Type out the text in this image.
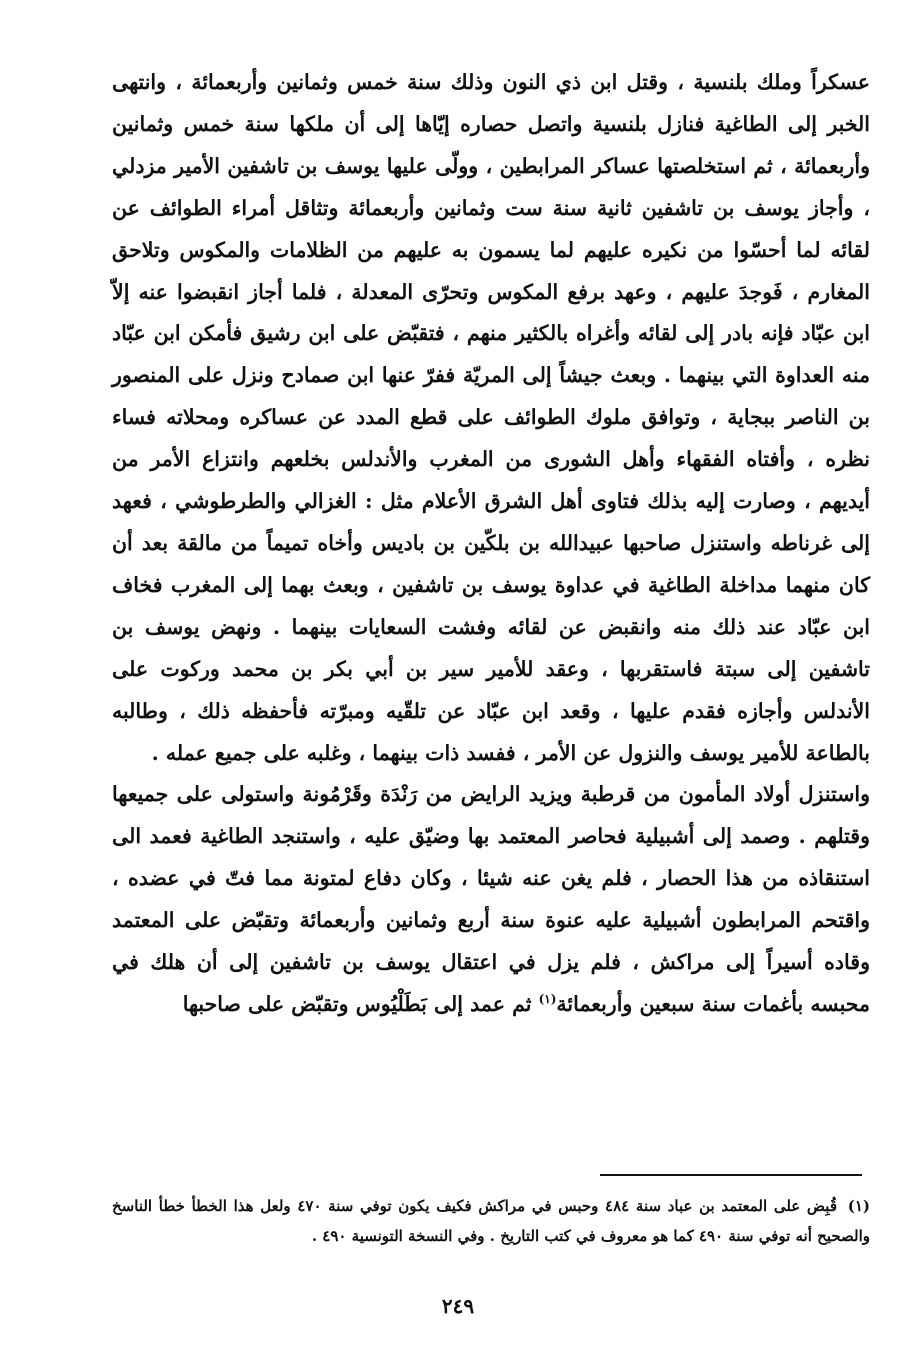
عسكراً وملك بلنسية ، وقتل ابن ذي النون وذلك سنة خمس وثمانين وأربعمائة ، وانتهى الخبر إلى الطاغية فنازل بلنسية واتصل حصاره إيّاها إلى أن ملكها سنة خمس وثمانين وأربعمائة ، ثم استخلصتها عساكر المرابطين ، وولّى عليها يوسف بن تاشفين الأمير مزدلي ، وأجاز يوسف بن تاشفين ثانية سنة ست وثمانين وأربعمائة وتثاقل أمراء الطوائف عن لقائه لما أحسّوا من نكيره عليهم لما يسمون به عليهم من الظلامات والمكوس وتلاحق المغارم ، فَوجدَ عليهم ، وعهد برفع المكوس وتحرّى المعدلة ، فلما أجاز انقبضوا عنه إلاّ ابن عبّاد فإنه بادر إلى لقائه وأغراه بالكثير منهم ، فتقبّض على ابن رشيق فأمكن ابن عبّاد منه العداوة التي بينهما . وبعث جيشاً إلى المريّة ففرّ عنها ابن صمادح ونزل على المنصور بن الناصر ببجاية ، وتوافق ملوك الطوائف على قطع المدد عن عساكره ومحلاته فساء نظره ، وأفتاه الفقهاء وأهل الشورى من المغرب والأندلس بخلعهم وانتزاع الأمر من أيديهم ، وصارت إليه بذلك فتاوى أهل الشرق الأعلام مثل : الغزالي والطرطوشي ، فعهد إلى غرناطه واستنزل صاحبها عبيدالله بن بلكّين بن باديس وأخاه تميماً من مالقة بعد أن كان منهما مداخلة الطاغية في عداوة يوسف بن تاشفين ، وبعث بهما إلى المغرب فخاف ابن عبّاد عند ذلك منه وانقبض عن لقائه وفشت السعايات بينهما . ونهض يوسف بن تاشفين إلى سبتة فاستقربها ، وعقد للأمير سير بن أبي بكر بن محمد وركوت على الأندلس وأجازه فقدم عليها ، وقعد ابن عبّاد عن تلقّيه ومبرّته فأحفظه ذلك ، وطالبه بالطاعة للأمير يوسف والنزول عن الأمر ، ففسد ذات بينهما ، وغلبه على جميع عمله .

واستنزل أولاد المأمون من قرطبة ويزيد الرايض من رَنْدَة وقَرْمُونة واستولى على جميعها وقتلهم . وصمد إلى أشبيلية فحاصر المعتمد بها وضيّق عليه ، واستنجد الطاغية فعمد الى استنقاذه من هذا الحصار ، فلم يغن عنه شيئا ، وكان دفاع لمتونة مما فتّ في عضده ، واقتحم المرابطون أشبيلية عليه عنوة سنة أربع وثمانين وأربعمائة وتقبّض على المعتمد وقاده أسيراً إلى مراكش ، فلم يزل في اعتقال يوسف بن تاشفين إلى أن هلك في محبسه بأغمات سنة سبعين وأربعمائة$^{(١)}$ ثم عمد إلى بَطَلْيُوس وتقبّض على صاحبها

(١) قُبِض على المعتمد بن عباد سنة ٤٨٤ وحبس في مراكش فكيف يكون توفي سنة ٤٧٠ ولعل هذا الخطأ خطأ الناسخ والصحيح أنه توفي سنة ٤٩٠ كما هو معروف في كتب التاريخ . وفي النسخة التونسية ٤٩٠ .

٢٤٩
